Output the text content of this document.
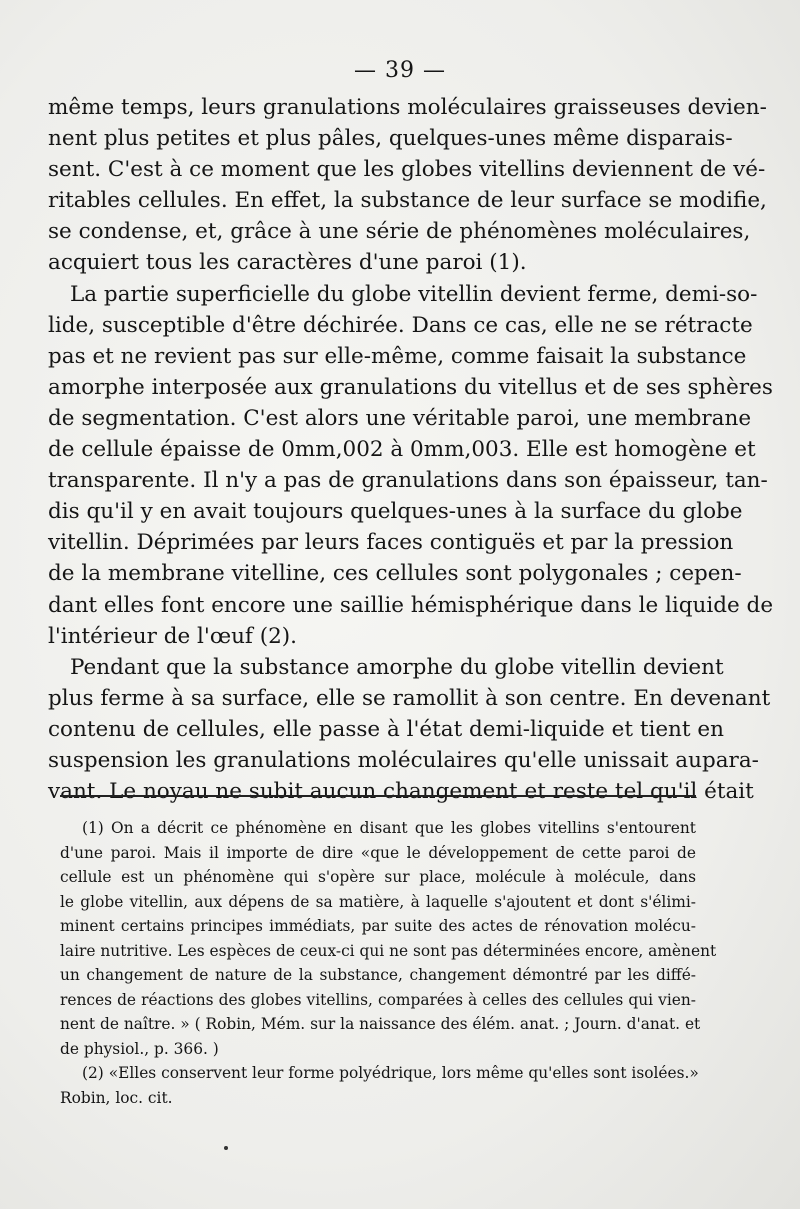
— 39 —
même temps, leurs granulations moléculaires graisseuses devien-
nent plus petites et plus pâles, quelques-unes même disparais-
sent. C'est à ce moment que les globes vitellins deviennent de vé-
ritables cellules. En effet, la substance de leur surface se modifie,
se condense, et, grâce à une série de phénomènes moléculaires,
acquiert tous les caractères d'une paroi (1).
La partie superficielle du globe vitellin devient ferme, demi-so-
lide, susceptible d'être déchirée. Dans ce cas, elle ne se rétracte
pas et ne revient pas sur elle-même, comme faisait la substance
amorphe interposée aux granulations du vitellus et de ses sphères
de segmentation. C'est alors une véritable paroi, une membrane
de cellule épaisse de 0mm,002 à 0mm,003. Elle est homogène et
transparente. Il n'y a pas de granulations dans son épaisseur, tan-
dis qu'il y en avait toujours quelques-unes à la surface du globe
vitellin. Déprimées par leurs faces contiguës et par la pression
de la membrane vitelline, ces cellules sont polygonales ; cepen-
dant elles font encore une saillie hémisphérique dans le liquide de
l'intérieur de l'œuf (2).
Pendant que la substance amorphe du globe vitellin devient
plus ferme à sa surface, elle se ramollit à son centre. En devenant
contenu de cellules, elle passe à l'état demi-liquide et tient en
suspension les granulations moléculaires qu'elle unissait aupara-
vant. Le noyau ne subit aucun changement et reste tel qu'il était
(1) On a décrit ce phénomène en disant que les globes vitellins s'entourent
d'une paroi. Mais il importe de dire «que le développement de cette paroi de
cellule est un phénomène qui s'opère sur place, molécule à molécule, dans
le globe vitellin, aux dépens de sa matière, à laquelle s'ajoutent et dont s'élimi-
minent certains principes immédiats, par suite des actes de rénovation molécu-
laire nutritive. Les espèces de ceux-ci qui ne sont pas déterminées encore, amènent
un changement de nature de la substance, changement démontré par les diffé-
rences de réactions des globes vitellins, comparées à celles des cellules qui vien-
nent de naître. » ( Robin, Mém. sur la naissance des élém. anat. ; Journ. d'anat. et
de physiol., p. 366. )
(2) «Elles conservent leur forme polyédrique, lors même qu'elles sont isolées.»
Robin, loc. cit.
